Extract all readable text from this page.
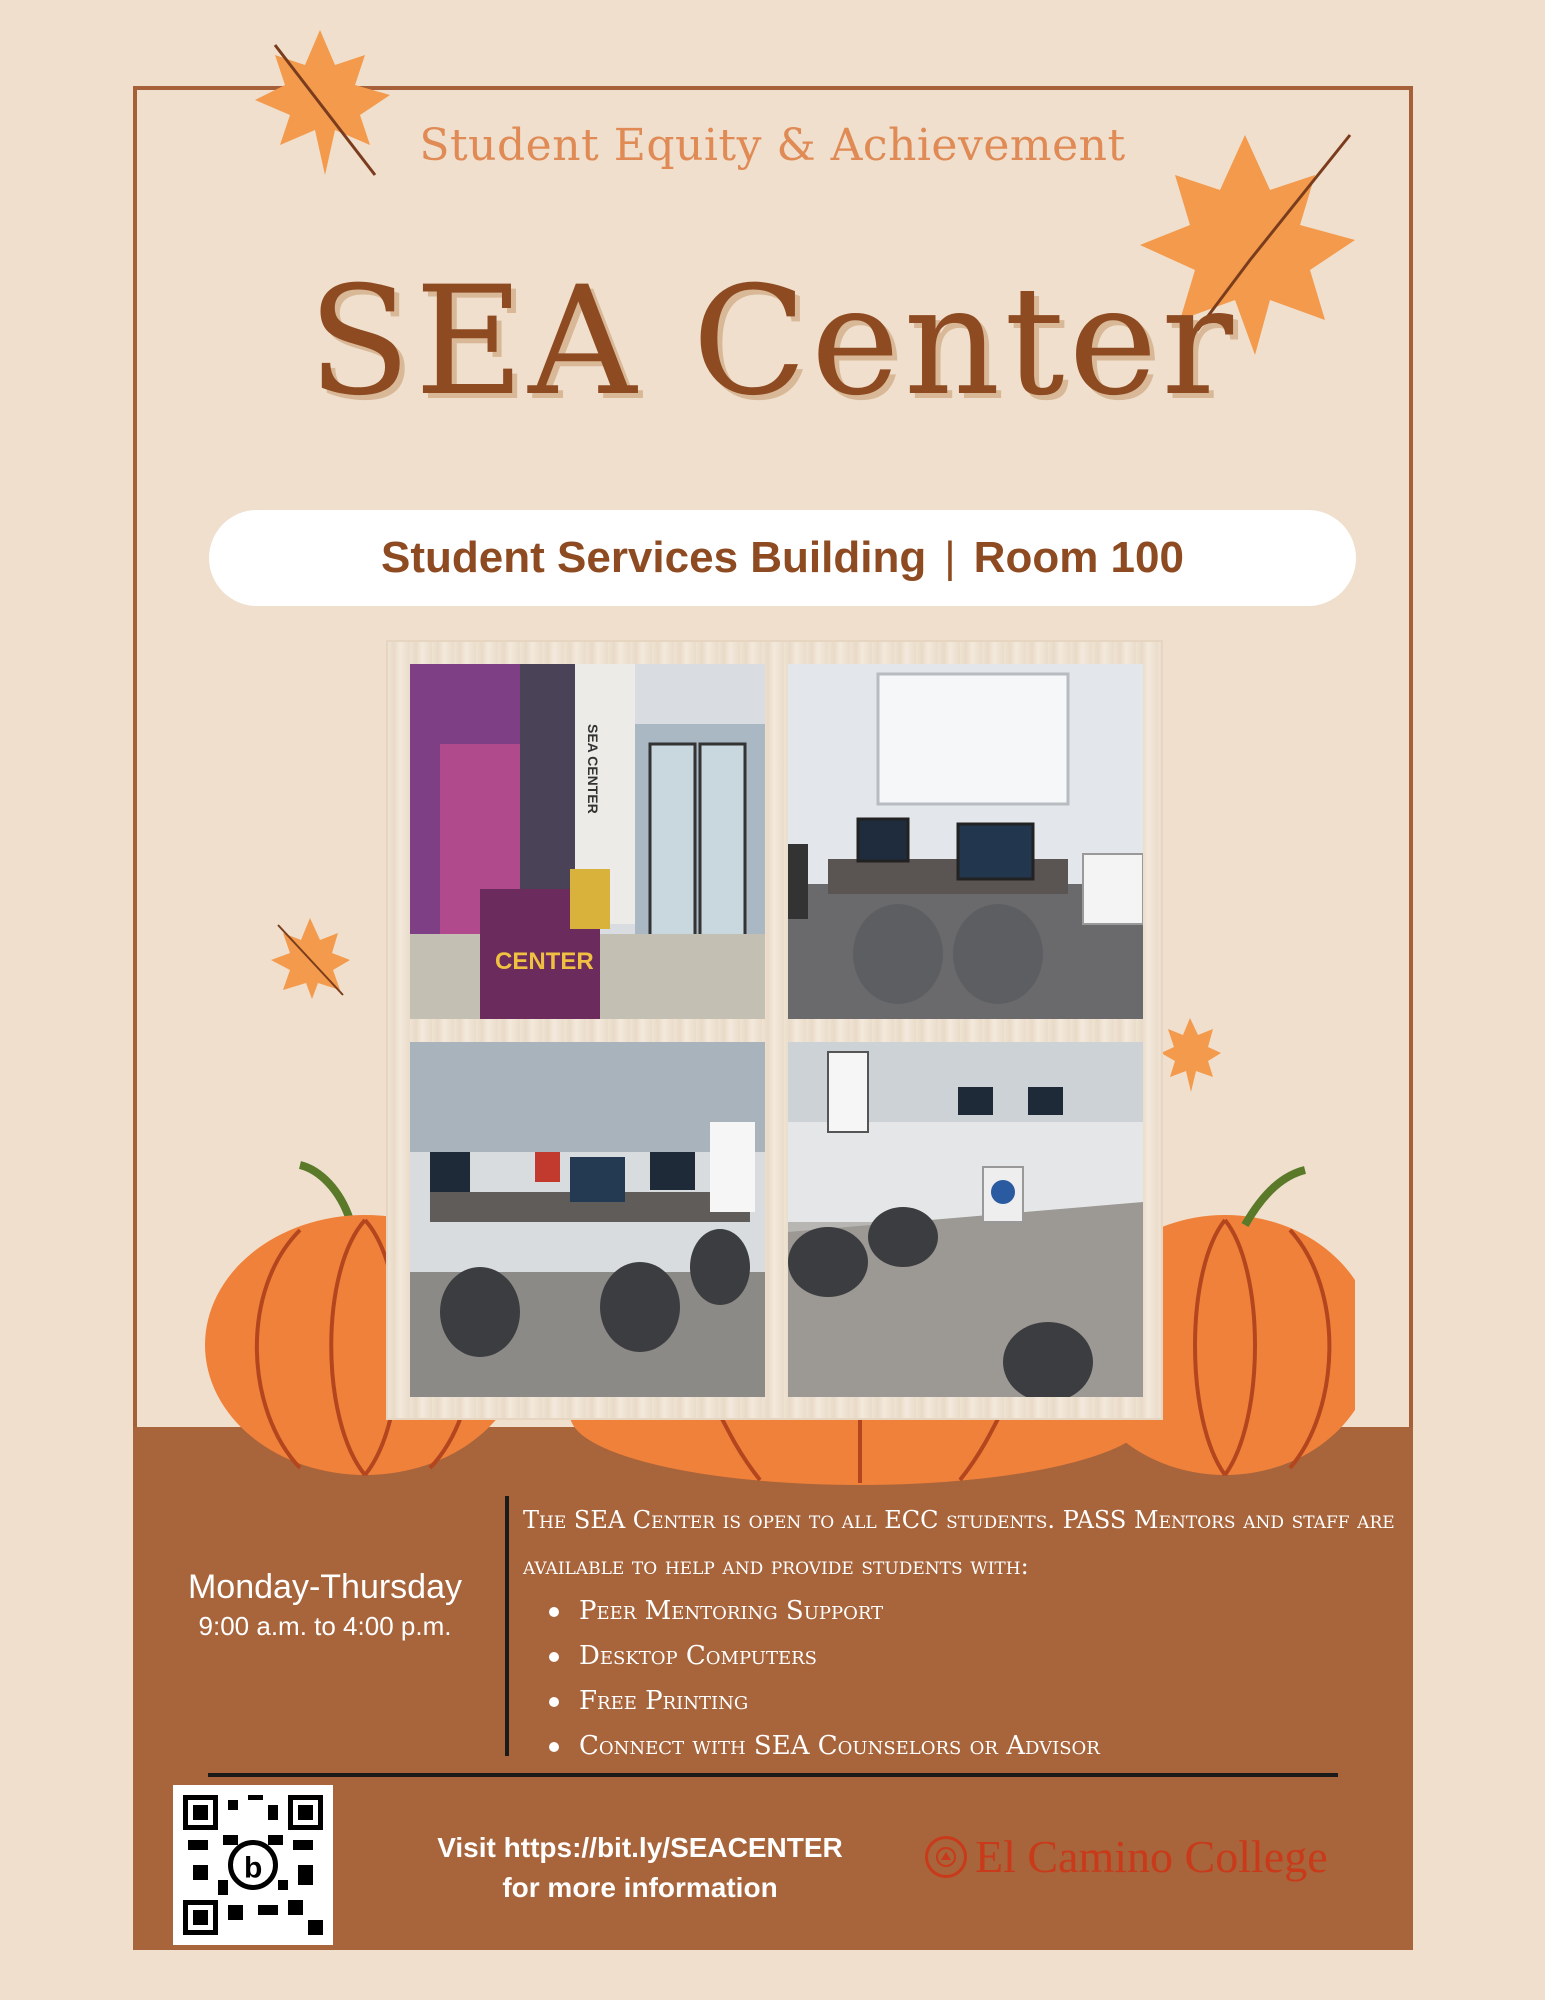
Student Equity & Achievement
SEA Center
Student Services Building | Room 100
SEA CENTER
CENTER
Monday-Thursday
9:00 a.m. to 4:00 p.m.
The SEA Center is open to all ECC students. PASS Mentors and staff are available to help and provide students with:
Peer Mentoring Support
Desktop Computers
Free Printing
Connect with SEA Counselors or Advisor
b
Visit https://bit.ly/SEACENTER
for more information
El Camino College
